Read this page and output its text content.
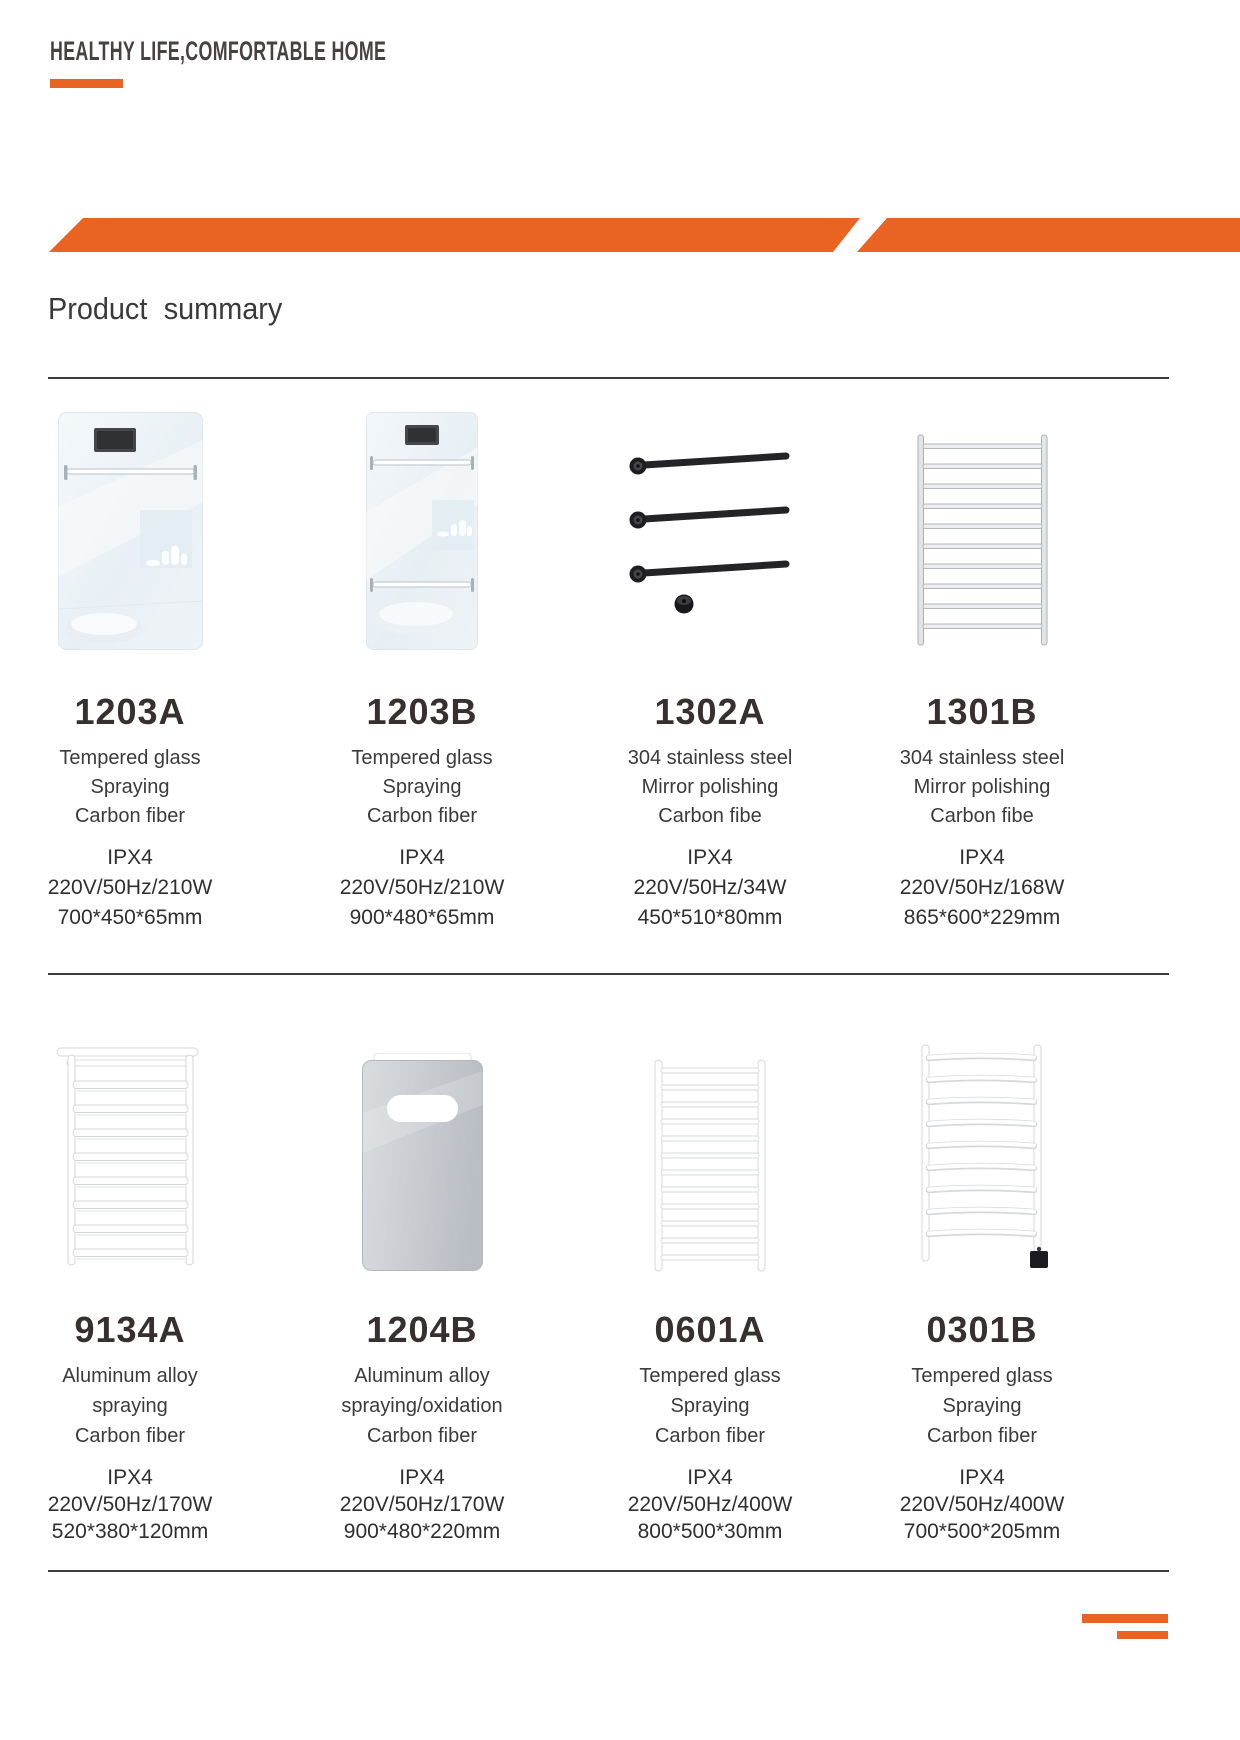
HEALTHY LIFE,COMFORTABLE HOME
Product summary
1203A
Tempered glass
Spraying
Carbon fiber
IPX4
220V/50Hz/210W
700*450*65mm
1203B
Tempered glass
Spraying
Carbon fiber
IPX4
220V/50Hz/210W
900*480*65mm
1302A
304 stainless steel
Mirror polishing
Carbon fibe
IPX4
220V/50Hz/34W
450*510*80mm
1301B
304 stainless steel
Mirror polishing
Carbon fibe
IPX4
220V/50Hz/168W
865*600*229mm
9134A
Aluminum alloy
spraying
Carbon fiber
IPX4
220V/50Hz/170W
520*380*120mm
1204B
Aluminum alloy
spraying/oxidation
Carbon fiber
IPX4
220V/50Hz/170W
900*480*220mm
0601A
Tempered glass
Spraying
Carbon fiber
IPX4
220V/50Hz/400W
800*500*30mm
0301B
Tempered glass
Spraying
Carbon fiber
IPX4
220V/50Hz/400W
700*500*205mm
